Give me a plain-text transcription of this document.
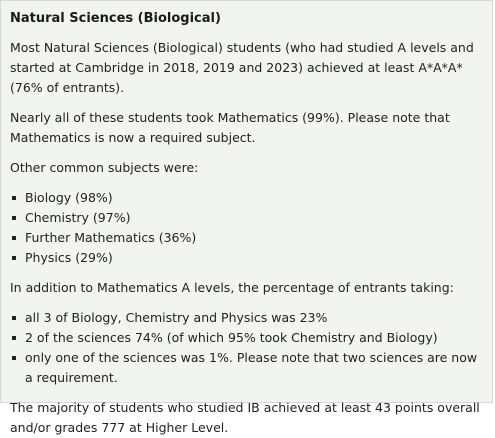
Natural Sciences (Biological)

Most Natural Sciences (Biological) students (who had studied A levels and started at Cambridge in 2018, 2019 and 2023) achieved at least A*A*A* (76% of entrants).

Nearly all of these students took Mathematics (99%). Please note that Mathematics is now a required subject.

Other common subjects were:

Biology (98%)
Chemistry (97%)
Further Mathematics (36%)
Physics (29%)

In addition to Mathematics A levels, the percentage of entrants taking:

all 3 of Biology, Chemistry and Physics was 23%
2 of the sciences 74% (of which 95% took Chemistry and Biology)
only one of the sciences was 1%. Please note that two sciences are now a requirement.

The majority of students who studied IB achieved at least 43 points overall and/or grades 777 at Higher Level.
